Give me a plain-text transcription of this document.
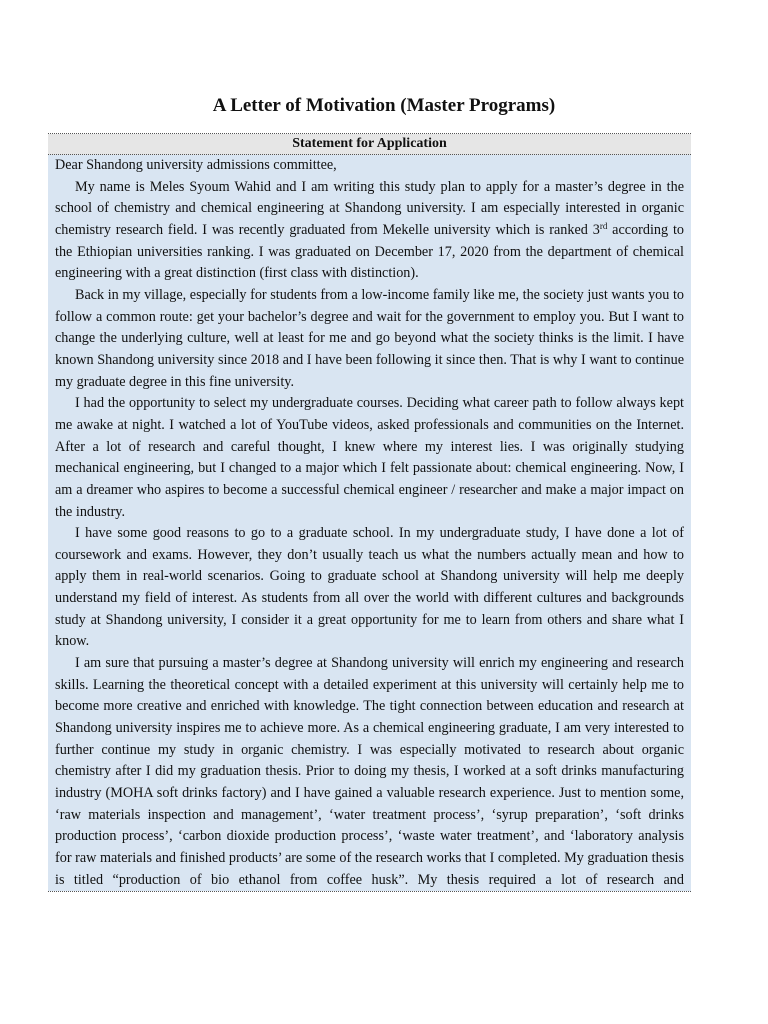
A Letter of Motivation (Master Programs)
Statement for Application

Dear Shandong university admissions committee,

My name is Meles Syoum Wahid and I am writing this study plan to apply for a master’s degree in the school of chemistry and chemical engineering at Shandong university. I am especially interested in organic chemistry research field. I was recently graduated from Mekelle university which is ranked 3rd according to the Ethiopian universities ranking. I was graduated on December 17, 2020 from the department of chemical engineering with a great distinction (first class with distinction).

Back in my village, especially for students from a low-income family like me, the society just wants you to follow a common route: get your bachelor’s degree and wait for the government to employ you. But I want to change the underlying culture, well at least for me and go beyond what the society thinks is the limit. I have known Shandong university since 2018 and I have been following it since then. That is why I want to continue my graduate degree in this fine university.

I had the opportunity to select my undergraduate courses. Deciding what career path to follow always kept me awake at night. I watched a lot of YouTube videos, asked professionals and communities on the Internet. After a lot of research and careful thought, I knew where my interest lies. I was originally studying mechanical engineering, but I changed to a major which I felt passionate about: chemical engineering. Now, I am a dreamer who aspires to become a successful chemical engineer / researcher and make a major impact on the industry.

I have some good reasons to go to a graduate school. In my undergraduate study, I have done a lot of coursework and exams. However, they don’t usually teach us what the numbers actually mean and how to apply them in real-world scenarios. Going to graduate school at Shandong university will help me deeply understand my field of interest. As students from all over the world with different cultures and backgrounds study at Shandong university, I consider it a great opportunity for me to learn from others and share what I know.

I am sure that pursuing a master’s degree at Shandong university will enrich my engineering and research skills. Learning the theoretical concept with a detailed experiment at this university will certainly help me to become more creative and enriched with knowledge. The tight connection between education and research at Shandong university inspires me to achieve more. As a chemical engineering graduate, I am very interested to further continue my study in organic chemistry. I was especially motivated to research about organic chemistry after I did my graduation thesis. Prior to doing my thesis, I worked at a soft drinks manufacturing industry (MOHA soft drinks factory) and I have gained a valuable research experience. Just to mention some, ‘raw materials inspection and management’, ‘water treatment process’, ‘syrup preparation’, ‘soft drinks production process’, ‘carbon dioxide production process’, ‘waste water treatment’, and ‘laboratory analysis for raw materials and finished products’ are some of the research works that I completed. My graduation thesis is titled “production of bio ethanol from coffee husk”. My thesis required a lot of research and
